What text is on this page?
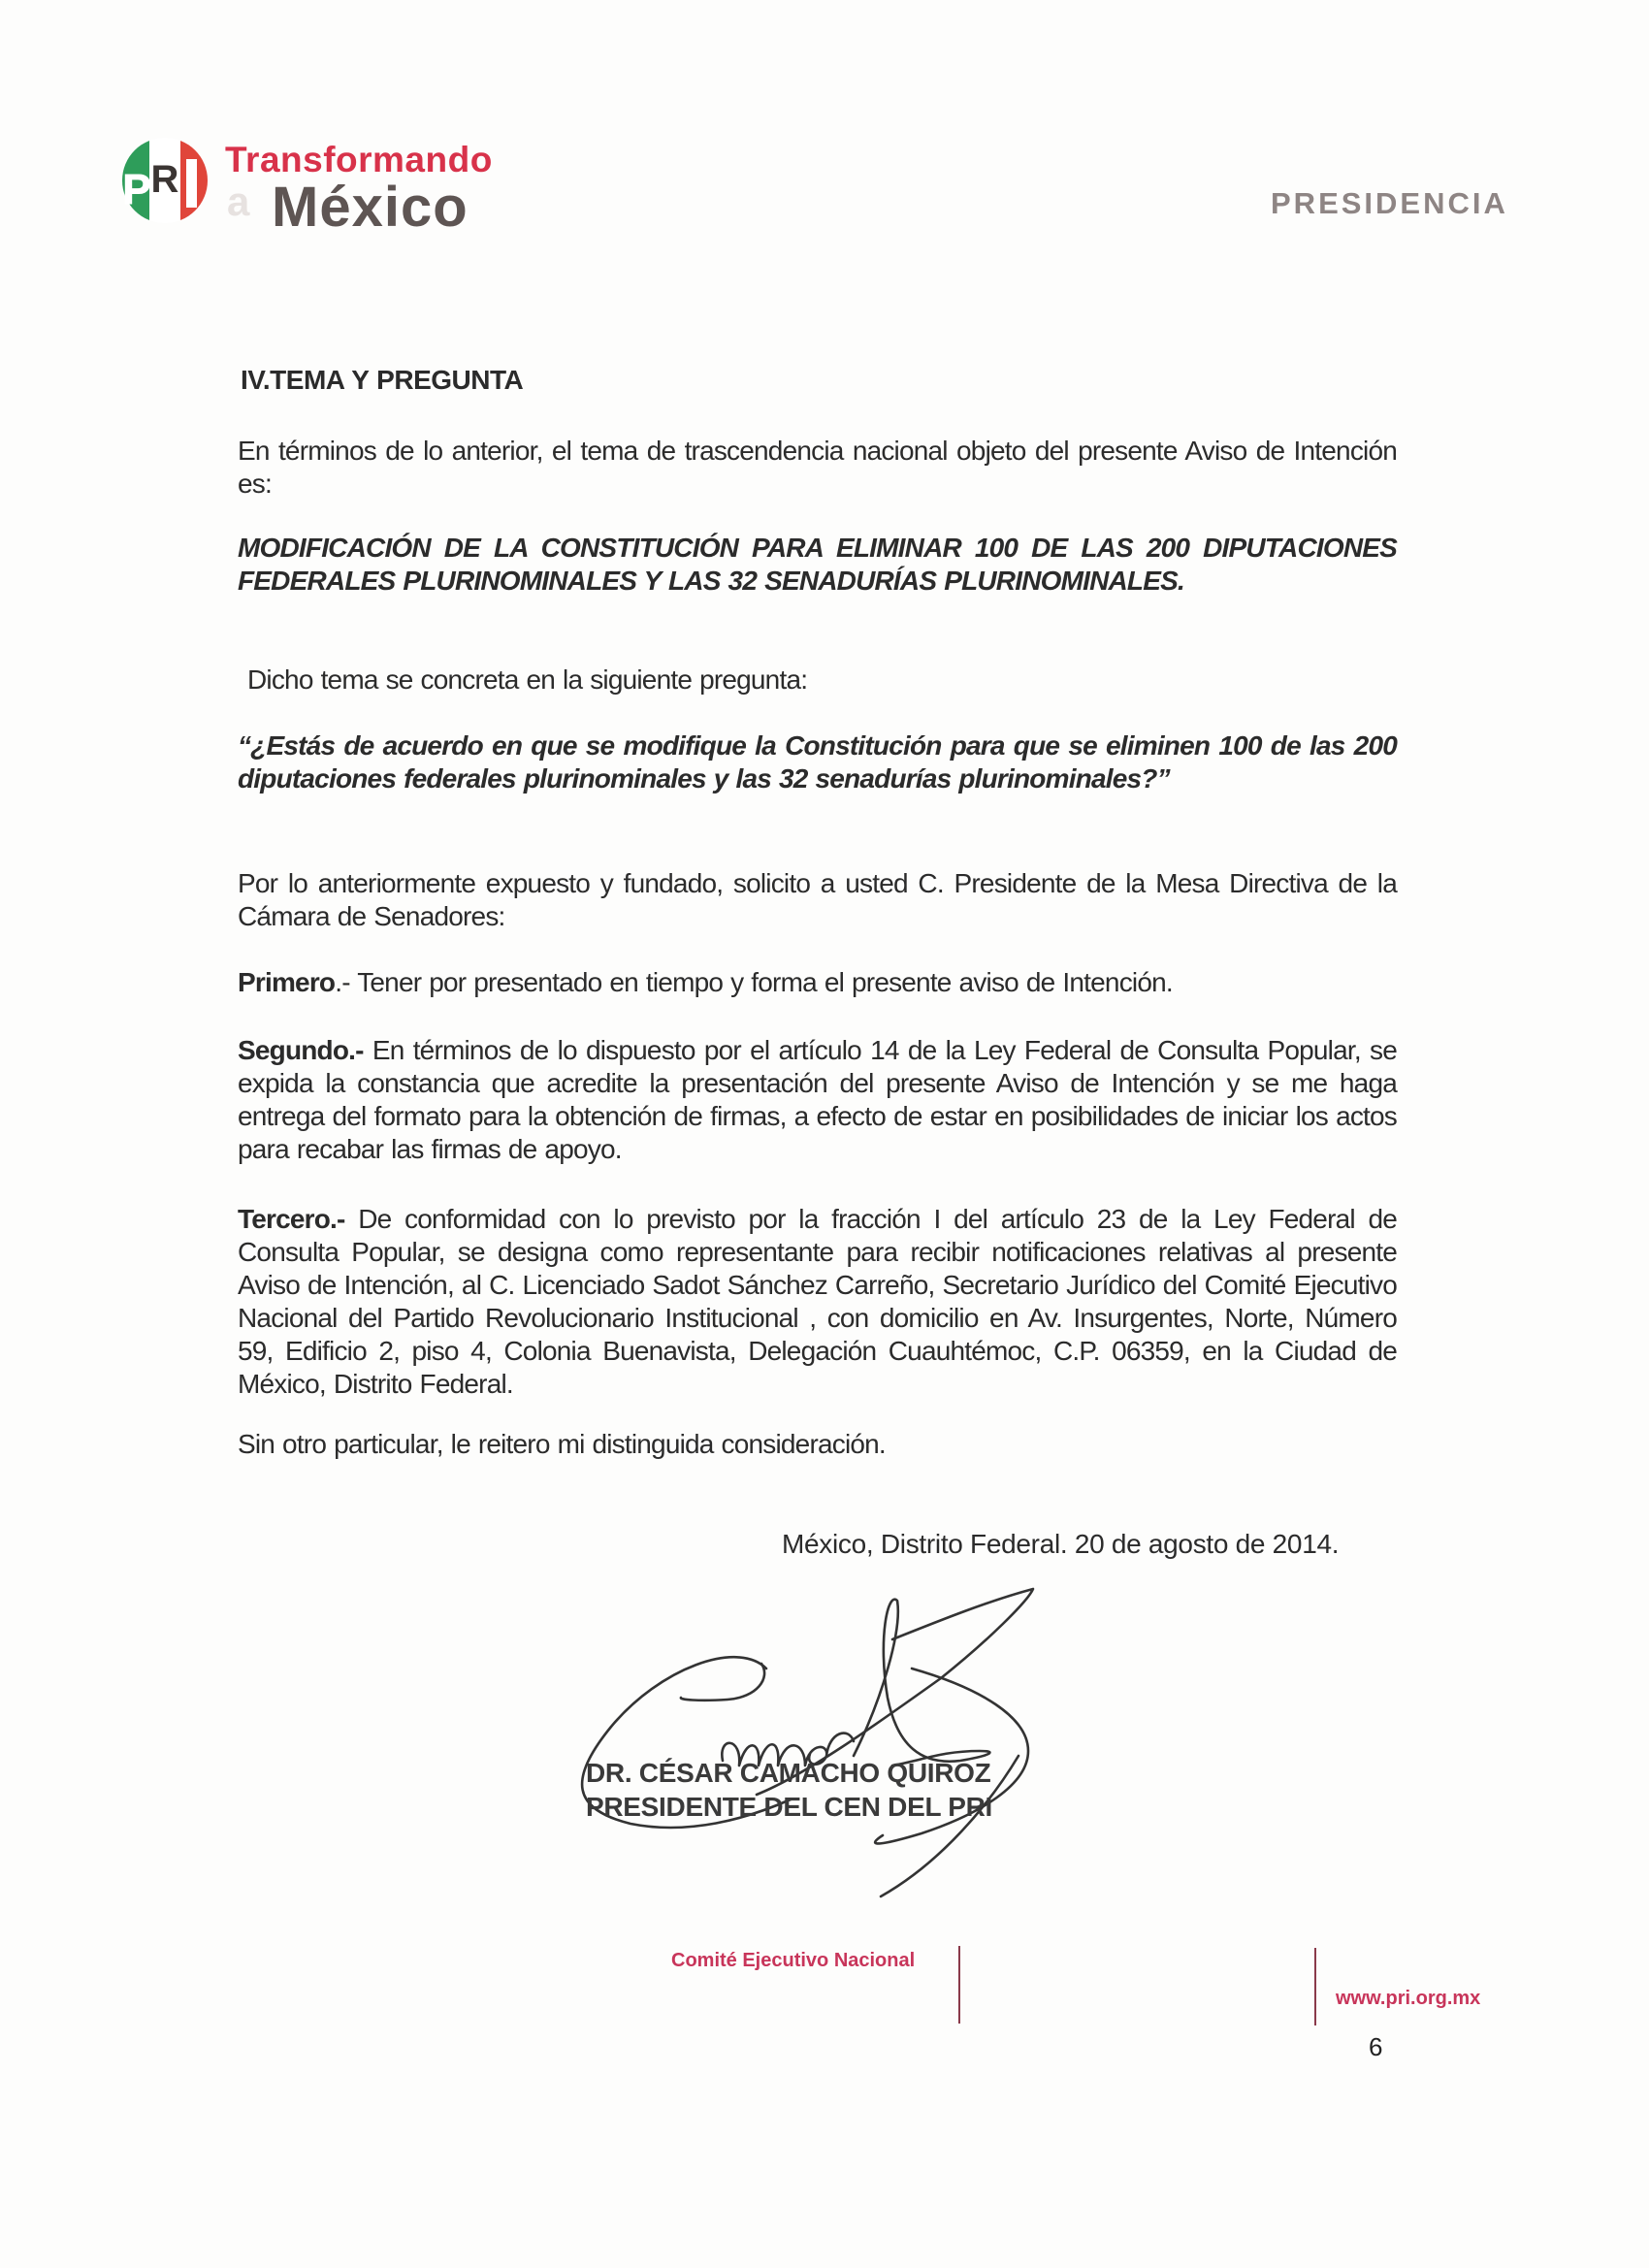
P R Transformando
a México	PRESIDENCIA
IV.TEMA Y PREGUNTA
En términos de lo anterior, el tema de trascendencia nacional objeto del presente Aviso de Intención es:
MODIFICACIÓN DE LA CONSTITUCIÓN PARA ELIMINAR 100 DE LAS 200 DIPUTACIONES FEDERALES PLURINOMINALES Y LAS 32 SENADURÍAS PLURINOMINALES.
Dicho tema se concreta en la siguiente pregunta:
“¿Estás de acuerdo en que se modifique la Constitución para que se eliminen 100 de las 200 diputaciones federales plurinominales y las 32 senadurías plurinominales?”
Por lo anteriormente expuesto y fundado, solicito a usted C. Presidente de la Mesa Directiva de la Cámara de Senadores:
Primero.- Tener por presentado en tiempo y forma el presente aviso de Intención.
Segundo.- En términos de lo dispuesto por el artículo 14 de la Ley Federal de Consulta Popular, se expida la constancia que acredite la presentación del presente Aviso de Intención y se me haga entrega del formato para la obtención de firmas, a efecto de estar en posibilidades de iniciar los actos para recabar las firmas de apoyo.
Tercero.- De conformidad con lo previsto por la fracción I del artículo 23 de la Ley Federal de Consulta Popular, se designa como representante para recibir notificaciones relativas al presente Aviso de Intención, al C. Licenciado Sadot Sánchez Carreño, Secretario Jurídico del Comité Ejecutivo Nacional del Partido Revolucionario Institucional , con domicilio en Av. Insurgentes, Norte, Número 59, Edificio 2, piso 4, Colonia Buenavista, Delegación Cuauhtémoc, C.P. 06359, en la Ciudad de México, Distrito Federal.
Sin otro particular, le reitero mi distinguida consideración.
México, Distrito Federal. 20 de agosto de 2014.
DR. CÉSAR CAMACHO QUIROZ
PRESIDENTE DEL CEN DEL PRI
Comité Ejecutivo Nacional
www.pri.org.mx
6
